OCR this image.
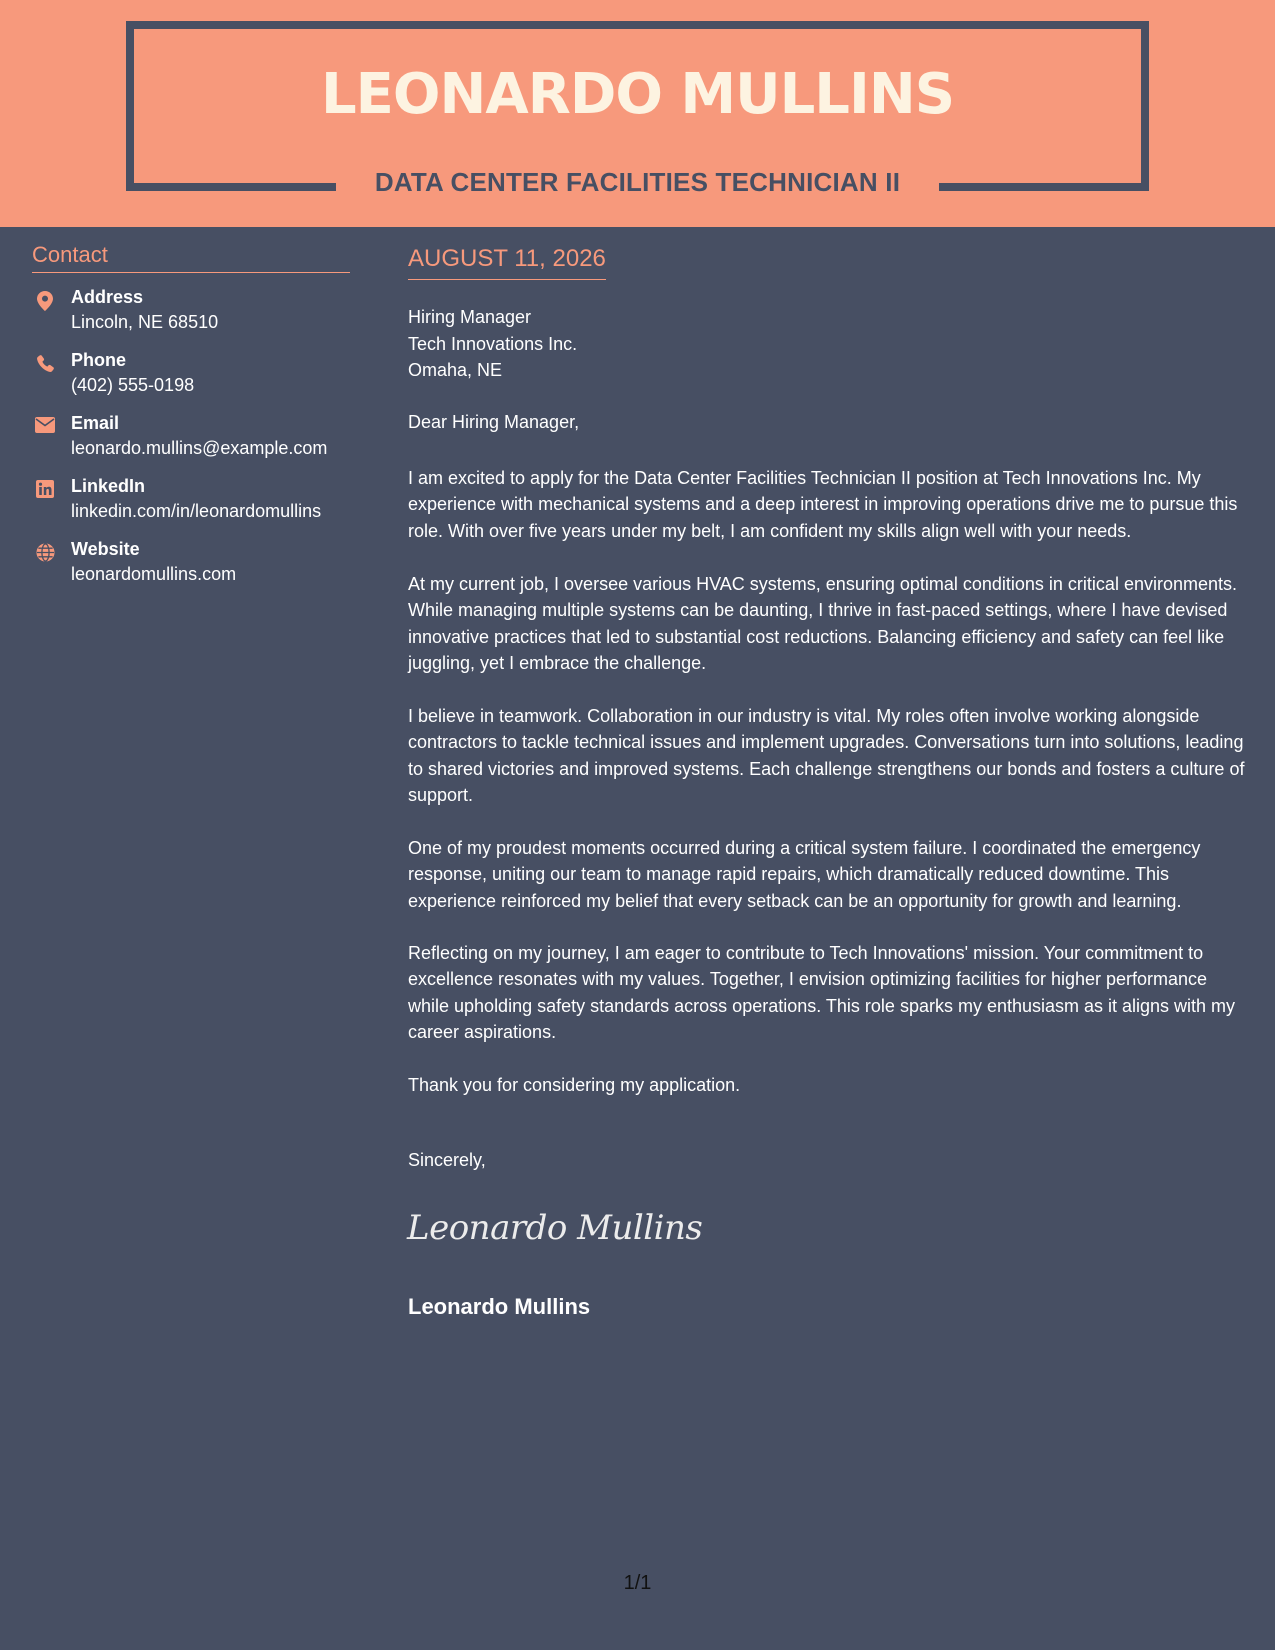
LEONARDO MULLINS
DATA CENTER FACILITIES TECHNICIAN II
Contact
Address
Lincoln, NE 68510
Phone
(402) 555-0198
Email
leonardo.mullins@example.com
LinkedIn
linkedin.com/in/leonardomullins
Website
leonardomullins.com
AUGUST 11, 2026
Hiring Manager
Tech Innovations Inc.
Omaha, NE
Dear Hiring Manager,
I am excited to apply for the Data Center Facilities Technician II position at Tech Innovations Inc. My experience with mechanical systems and a deep interest in improving operations drive me to pursue this role. With over five years under my belt, I am confident my skills align well with your needs.
At my current job, I oversee various HVAC systems, ensuring optimal conditions in critical environments. While managing multiple systems can be daunting, I thrive in fast-paced settings, where I have devised innovative practices that led to substantial cost reductions. Balancing efficiency and safety can feel like juggling, yet I embrace the challenge.
I believe in teamwork. Collaboration in our industry is vital. My roles often involve working alongside contractors to tackle technical issues and implement upgrades. Conversations turn into solutions, leading to shared victories and improved systems. Each challenge strengthens our bonds and fosters a culture of support.
One of my proudest moments occurred during a critical system failure. I coordinated the emergency response, uniting our team to manage rapid repairs, which dramatically reduced downtime. This experience reinforced my belief that every setback can be an opportunity for growth and learning.
Reflecting on my journey, I am eager to contribute to Tech Innovations' mission. Your commitment to excellence resonates with my values. Together, I envision optimizing facilities for higher performance while upholding safety standards across operations. This role sparks my enthusiasm as it aligns with my career aspirations.
Thank you for considering my application.
Sincerely,
Leonardo Mullins
Leonardo Mullins
1/1
